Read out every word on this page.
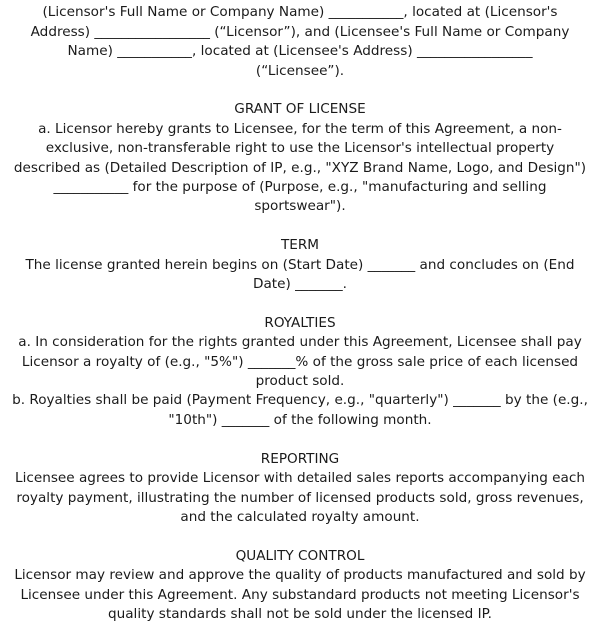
(Licensor's Full Name or Company Name) ___________, located at (Licensor's
Address) _________________ (“Licensor”), and (Licensee's Full Name or Company
Name) ___________, located at (Licensee's Address) _________________
(“Licensee”).
GRANT OF LICENSE
a. Licensor hereby grants to Licensee, for the term of this Agreement, a non-
exclusive, non-transferable right to use the Licensor's intellectual property
described as (Detailed Description of IP, e.g., "XYZ Brand Name, Logo, and Design")
___________ for the purpose of (Purpose, e.g., "manufacturing and selling
sportswear").
TERM
The license granted herein begins on (Start Date) _______ and concludes on (End
Date) _______.
ROYALTIES
a. In consideration for the rights granted under this Agreement, Licensee shall pay
Licensor a royalty of (e.g., "5%") _______% of the gross sale price of each licensed
product sold.
b. Royalties shall be paid (Payment Frequency, e.g., "quarterly") _______ by the (e.g.,
"10th") _______ of the following month.
REPORTING
Licensee agrees to provide Licensor with detailed sales reports accompanying each
royalty payment, illustrating the number of licensed products sold, gross revenues,
and the calculated royalty amount.
QUALITY CONTROL
Licensor may review and approve the quality of products manufactured and sold by
Licensee under this Agreement. Any substandard products not meeting Licensor's
quality standards shall not be sold under the licensed IP.
